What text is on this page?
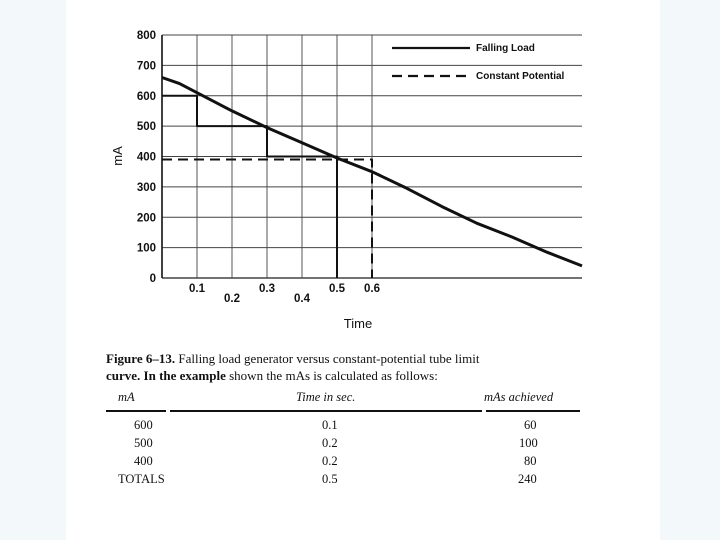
0
100
200
300
400
500
600
700
800
0.1
0.2
0.3
0.4
0.5 0.6
Falling Load
Constant Potential
mA
Time
Figure 6–13. Falling load generator versus constant-potential tube limit
curve. In the example shown the mAs is calculated as follows:
mA	Time in sec.	mAs achieved
600	0.1	60
500	0.2	100
400	0.2	80
TOTALS	0.5	240
